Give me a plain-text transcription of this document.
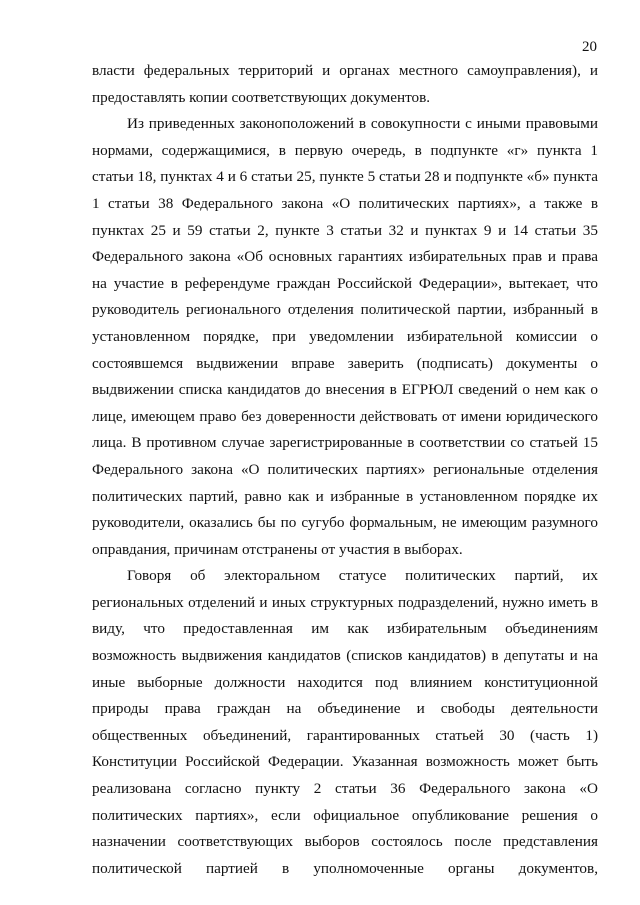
20
власти федеральных территорий и органах местного самоуправления), и
предоставлять копии соответствующих документов.
Из приведенных законоположений в совокупности с иными правовыми
нормами, содержащимися, в первую очередь, в подпункте «г» пункта 1
статьи 18, пунктах 4 и 6 статьи 25, пункте 5 статьи 28 и подпункте «б» пункта
1 статьи 38 Федерального закона «О политических партиях», а также в
пунктах 25 и 59 статьи 2, пункте 3 статьи 32 и пунктах 9 и 14 статьи 35
Федерального закона «Об основных гарантиях избирательных прав и права
на участие в референдуме граждан Российской Федерации», вытекает, что
руководитель регионального отделения политической партии, избранный в
установленном порядке, при уведомлении избирательной комиссии о
состоявшемся выдвижении вправе заверить (подписать) документы о
выдвижении списка кандидатов до внесения в ЕГРЮЛ сведений о нем как о
лице, имеющем право без доверенности действовать от имени юридического
лица. В противном случае зарегистрированные в соответствии со статьей 15
Федерального закона «О политических партиях» региональные отделения
политических партий, равно как и избранные в установленном порядке их
руководители, оказались бы по сугубо формальным, не имеющим разумного
оправдания, причинам отстранены от участия в выборах.
Говоря об электоральном статусе политических партий, их
региональных отделений и иных структурных подразделений, нужно иметь в
виду, что предоставленная им как избирательным объединениям
возможность выдвижения кандидатов (списков кандидатов) в депутаты и на
иные выборные должности находится под влиянием конституционной
природы права граждан на объединение и свободы деятельности
общественных объединений, гарантированных статьей 30 (часть 1)
Конституции Российской Федерации. Указанная возможность может быть
реализована согласно пункту 2 статьи 36 Федерального закона «О
политических партиях», если официальное опубликование решения о
назначении соответствующих выборов состоялось после представления
политической партией в уполномоченные органы документов,
